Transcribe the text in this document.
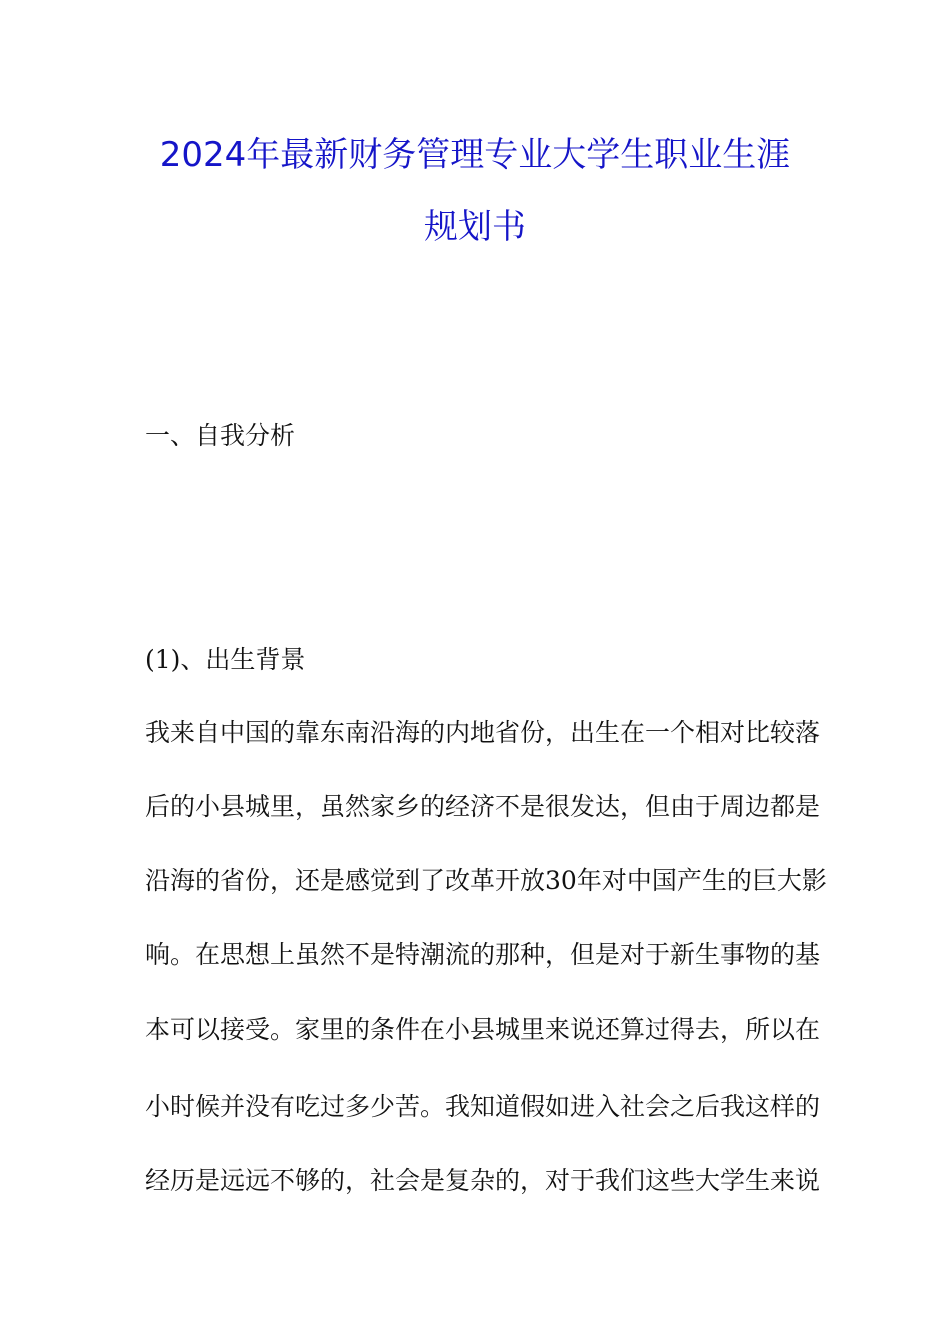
2024年最新财务管理专业大学生职业生涯
规划书
一、自我分析
(1)、出生背景
我来自中国的靠东南沿海的内地省份，出生在一个相对比较落
后的小县城里，虽然家乡的经济不是很发达，但由于周边都是
沿海的省份，还是感觉到了改革开放30年对中国产生的巨大影
响。在思想上虽然不是特潮流的那种，但是对于新生事物的基
本可以接受。家里的条件在小县城里来说还算过得去，所以在
小时候并没有吃过多少苦。我知道假如进入社会之后我这样的
经历是远远不够的，社会是复杂的，对于我们这些大学生来说
